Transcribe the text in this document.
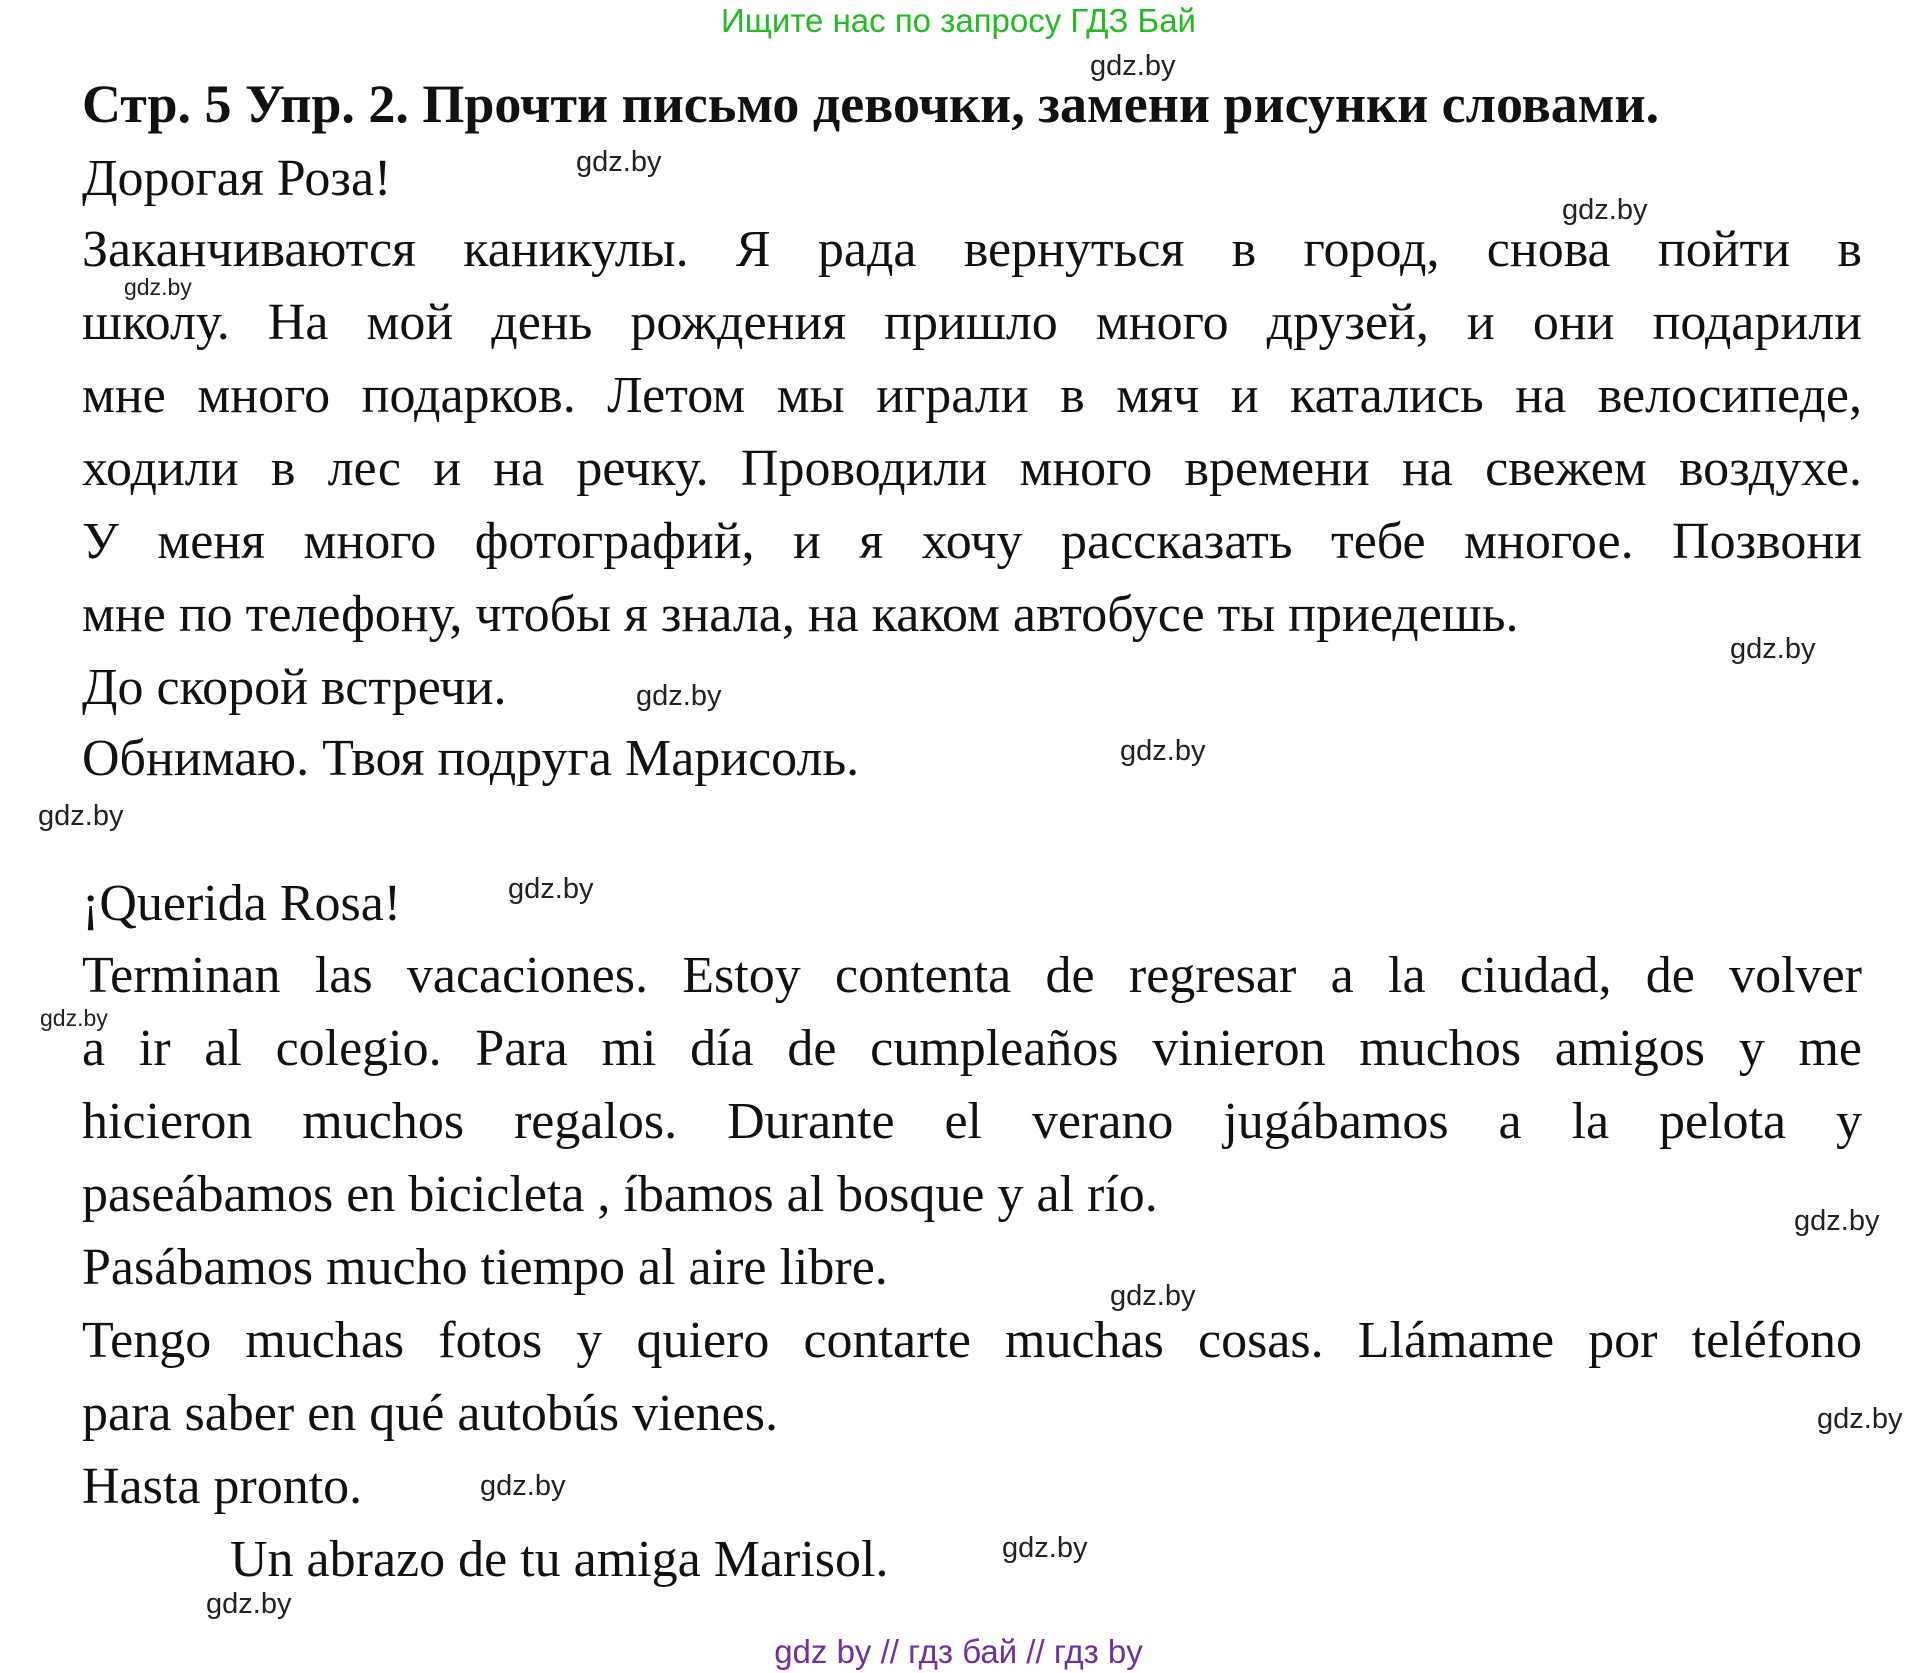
Ищите нас по запросу ГДЗ Бай
Стр. 5 Упр. 2. Прочти письмо девочки, замени рисунки словами.
Дорогая Роза!
Заканчиваются каникулы. Я рада вернуться в город, снова пойти в
школу. На мой день рождения пришло много друзей, и они подарили
мне много подарков. Летом мы играли в мяч и катались на велосипеде,
ходили в лес и на речку. Проводили много времени на свежем воздухе.
У меня много фотографий, и я хочу рассказать тебе многое. Позвони
мне по телефону, чтобы я знала, на каком автобусе ты приедешь.
До скорой встречи.
Обнимаю. Твоя подруга Марисоль.
¡Querida Rosa!
Terminan las vacaciones. Estoy contenta de regresar a la ciudad, de volver
a ir al colegio. Para mi día de cumpleaños vinieron muchos amigos y me
hicieron muchos regalos. Durante el verano jugábamos a la pelota y
paseábamos en bicicleta , íbamos al bosque y al río.
Pasábamos mucho tiempo al aire libre.
Tengo muchas fotos y quiero contarte muchas cosas. Llámame por teléfono
para saber en qué autobús vienes.
Hasta pronto.
Un abrazo de tu amiga Marisol.
gdz.by
gdz.by
gdz.by
gdz.by
gdz.by
gdz.by
gdz.by
gdz.by
gdz.by
gdz.by
gdz.by
gdz.by
gdz.by
gdz.by
gdz.by
gdz.by
gdz by // гдз бай // гдз by
